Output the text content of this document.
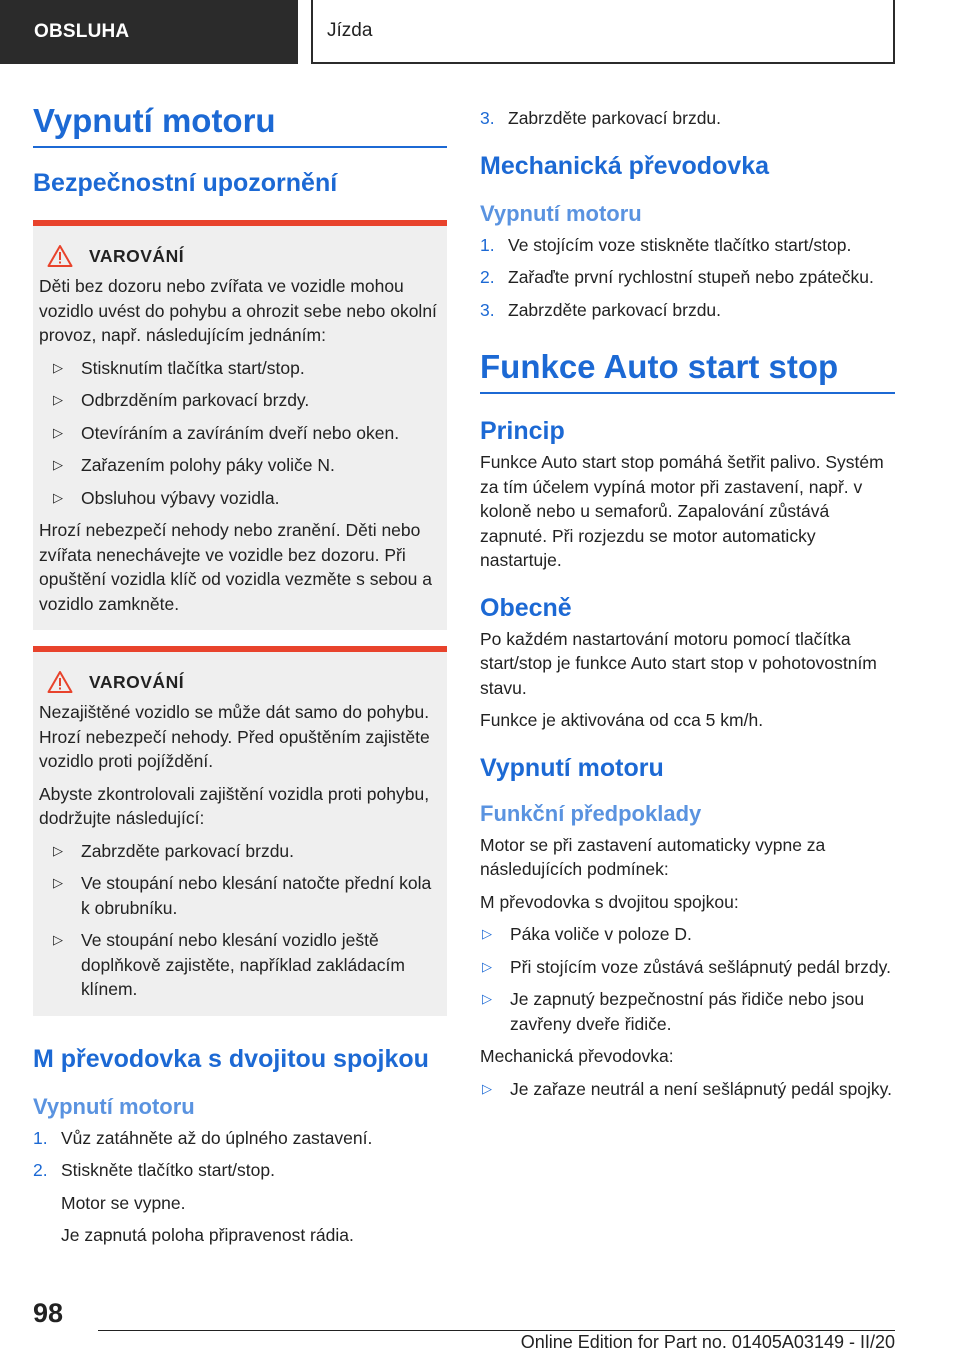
OBSLUHA	Jízda
Vypnutí motoru
Bezpečnostní upozornění
VAROVÁNÍ

Děti bez dozoru nebo zvířata ve vozidle mohou vozidlo uvést do pohybu a ohrozit sebe nebo okolní provoz, např. následujícím jednáním:

▷ Stisknutím tlačítka start/stop.
▷ Odbrzděním parkovací brzdy.
▷ Otevíráním a zavíráním dveří nebo oken.
▷ Zařazením polohy páky voliče N.
▷ Obsluhou výbavy vozidla.

Hrozí nebezpečí nehody nebo zranění. Děti nebo zvířata nenechávejte ve vozidle bez dozoru. Při opuštění vozidla klíč od vozidla vezměte s sebou a vozidlo zamkněte.

VAROVÁNÍ

Nezajištěné vozidlo se může dát samo do pohybu. Hrozí nebezpečí nehody. Před opuštěním zajistěte vozidlo proti pojíždění.

Abyste zkontrolovali zajištění vozidla proti pohybu, dodržujte následující:

▷ Zabrzděte parkovací brzdu.
▷ Ve stoupání nebo klesání natočte přední kola k obrubníku.
▷ Ve stoupání nebo klesání vozidlo ještě doplňkově zajistěte, například zakládacím klínem.
M převodovka s dvojitou spojkou
Vypnutí motoru
1. Vůz zatáhněte až do úplného zastavení.
2. Stiskněte tlačítko start/stop.
Motor se vypne.
Je zapnutá poloha připravenost rádia.
3. Zabrzděte parkovací brzdu.
Mechanická převodovka
Vypnutí motoru
1. Ve stojícím voze stiskněte tlačítko start/stop.
2. Zařaďte první rychlostní stupeň nebo zpátečku.
3. Zabrzděte parkovací brzdu.
Funkce Auto start stop
Princip

Funkce Auto start stop pomáhá šetřit palivo. Systém za tím účelem vypíná motor při zastavení, např. v koloně nebo u semaforů. Zapalování zůstává zapnuté. Při rozjezdu se motor automaticky nastartuje.

Obecně

Po každém nastartování motoru pomocí tlačítka start/stop je funkce Auto start stop v pohotovostním stavu.

Funkce je aktivována od cca 5 km/h.

Vypnutí motoru
Funkční předpoklady

Motor se při zastavení automaticky vypne za následujících podmínek:

M převodovka s dvojitou spojkou:

▷ Páka voliče v poloze D.
▷ Při stojícím voze zůstává sešlápnutý pedál brzdy.
▷ Je zapnutý bezpečnostní pás řidiče nebo jsou zavřeny dveře řidiče.

Mechanická převodovka:

▷ Je zařaze neutrál a není sešlápnutý pedál spojky.
98
Online Edition for Part no. 01405A03149 - II/20
